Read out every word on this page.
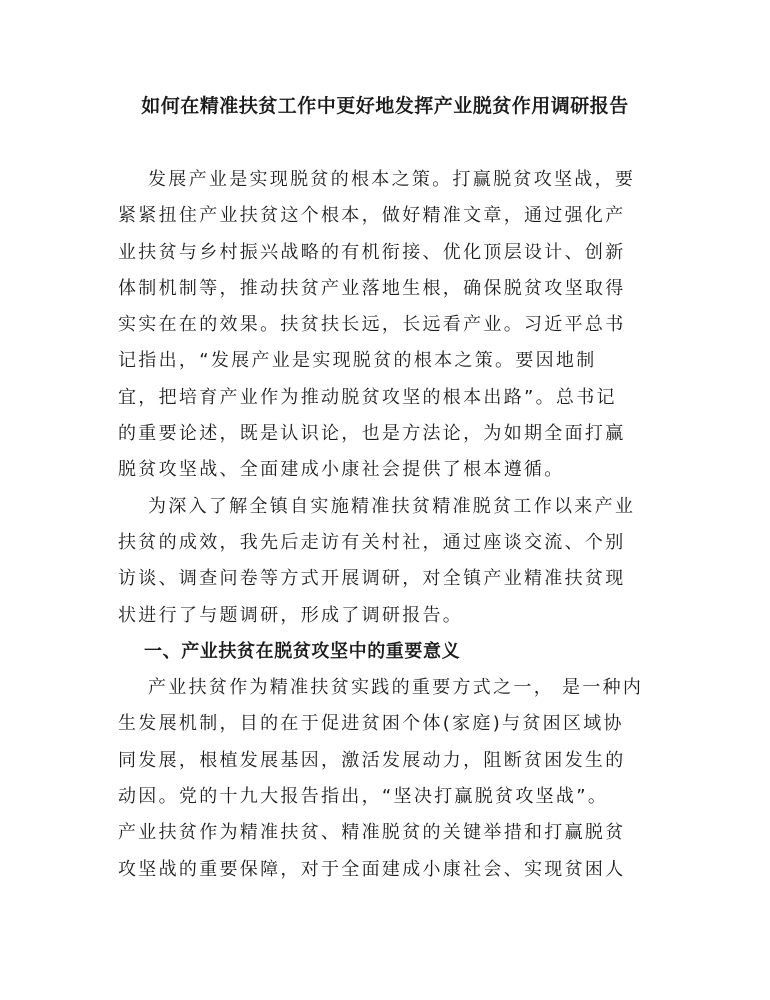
如何在精准扶贫工作中更好地发挥产业脱贫作用调研报告
发展产业是实现脱贫的根本之策。打赢脱贫攻坚战，要
紧紧扭住产业扶贫这个根本，做好精准文章，通过强化产
业扶贫与乡村振兴战略的有机衔接、优化顶层设计、创新
体制机制等，推动扶贫产业落地生根，确保脱贫攻坚取得
实实在在的效果。扶贫扶长远，长远看产业。习近平总书
记指出，“发展产业是实现脱贫的根本之策。要因地制
宜，把培育产业作为推动脱贫攻坚的根本出路”。总书记
的重要论述，既是认识论，也是方法论，为如期全面打赢
脱贫攻坚战、全面建成小康社会提供了根本遵循。
为深入了解全镇自实施精准扶贫精准脱贫工作以来产业
扶贫的成效，我先后走访有关村社，通过座谈交流、个别
访谈、调查问卷等方式开展调研，对全镇产业精准扶贫现
状进行了与题调研，形成了调研报告。
一、产业扶贫在脱贫攻坚中的重要意义
产业扶贫作为精准扶贫实践的重要方式之一， 是一种内
生发展机制，目的在于促进贫困个体(家庭)与贫困区域协
同发展，根植发展基因，激活发展动力，阻断贫困发生的
动因。党的十九大报告指出，“坚决打赢脱贫攻坚战”。
产业扶贫作为精准扶贫、精准脱贫的关键举措和打赢脱贫
攻坚战的重要保障，对于全面建成小康社会、实现贫困人
